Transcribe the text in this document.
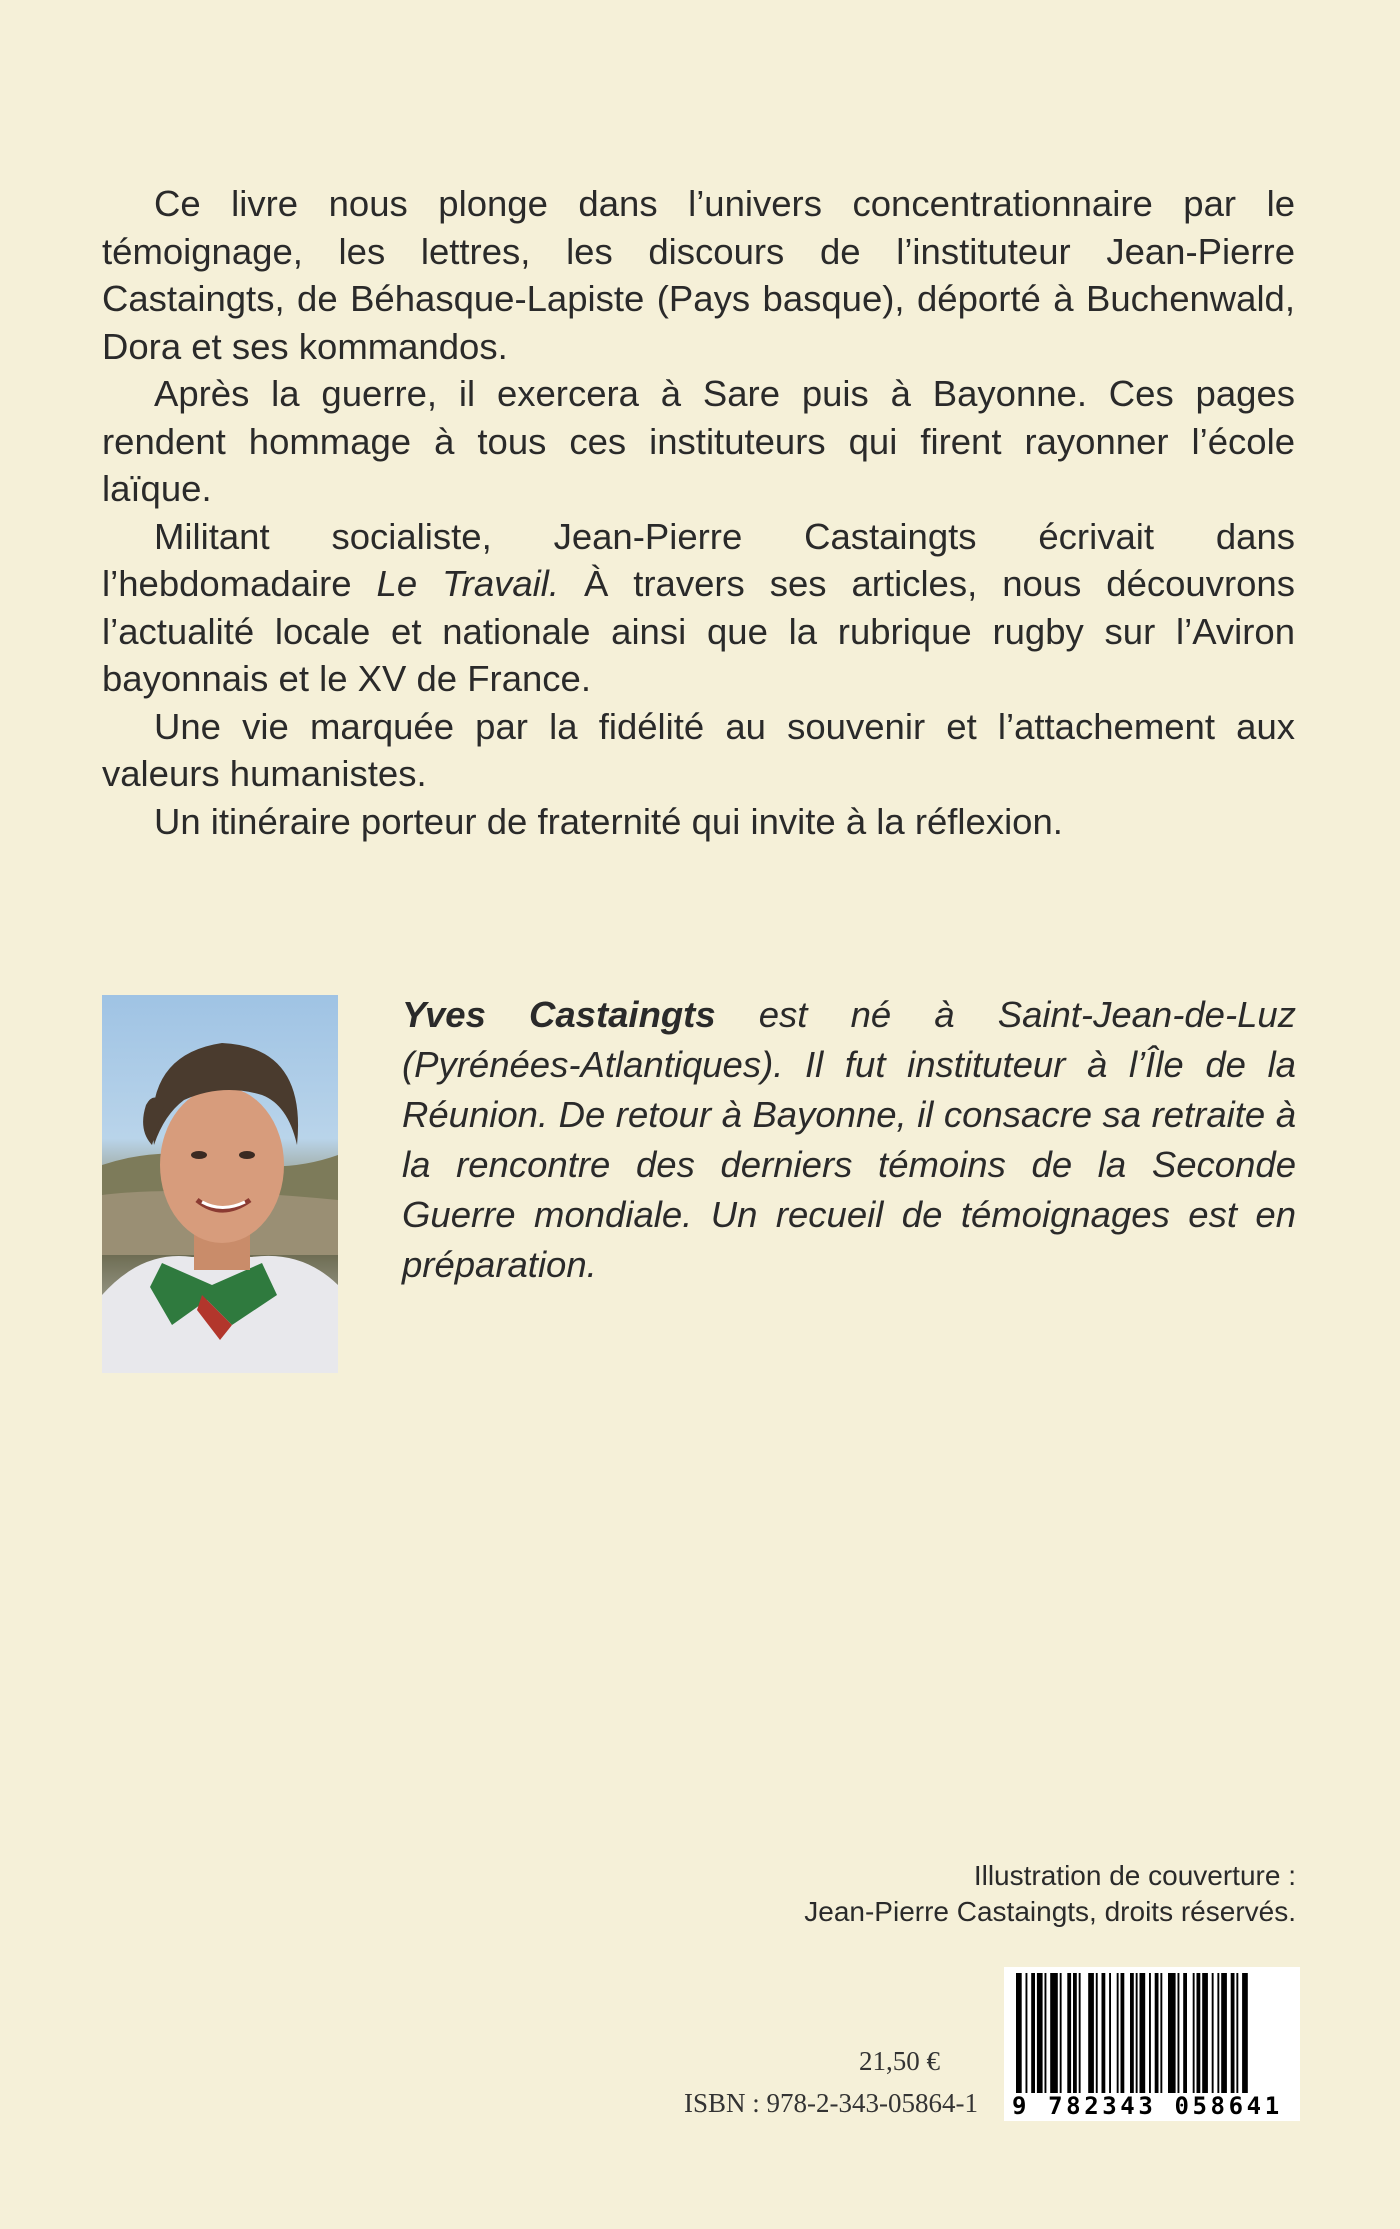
Ce livre nous plonge dans l’univers concentrationnaire par le témoignage, les lettres, les discours de l’instituteur Jean-Pierre Castaingts, de Béhasque-Lapiste (Pays basque), déporté à Buchenwald, Dora et ses kommandos.

Après la guerre, il exercera à Sare puis à Bayonne. Ces pages rendent hommage à tous ces instituteurs qui firent rayonner l’école laïque.

Militant socialiste, Jean-Pierre Castaingts écrivait dans l’hebdomadaire Le Travail. À travers ses articles, nous découvrons l’actualité locale et nationale ainsi que la rubrique rugby sur l’Aviron bayonnais et le XV de France.

Une vie marquée par la fidélité au souvenir et l’attachement aux valeurs humanistes.

Un itinéraire porteur de fraternité qui invite à la réflexion.

Yves Castaingts est né à Saint-Jean-de-Luz (Pyrénées-Atlantiques). Il fut instituteur à l’Île de la Réunion. De retour à Bayonne, il consacre sa retraite à la rencontre des derniers témoins de la Seconde Guerre mondiale. Un recueil de témoignages est en préparation.
Illustration de couverture :
Jean-Pierre Castaingts, droits réservés.
21,50 €
ISBN : 978-2-343-05864-1 9 782343 058641
